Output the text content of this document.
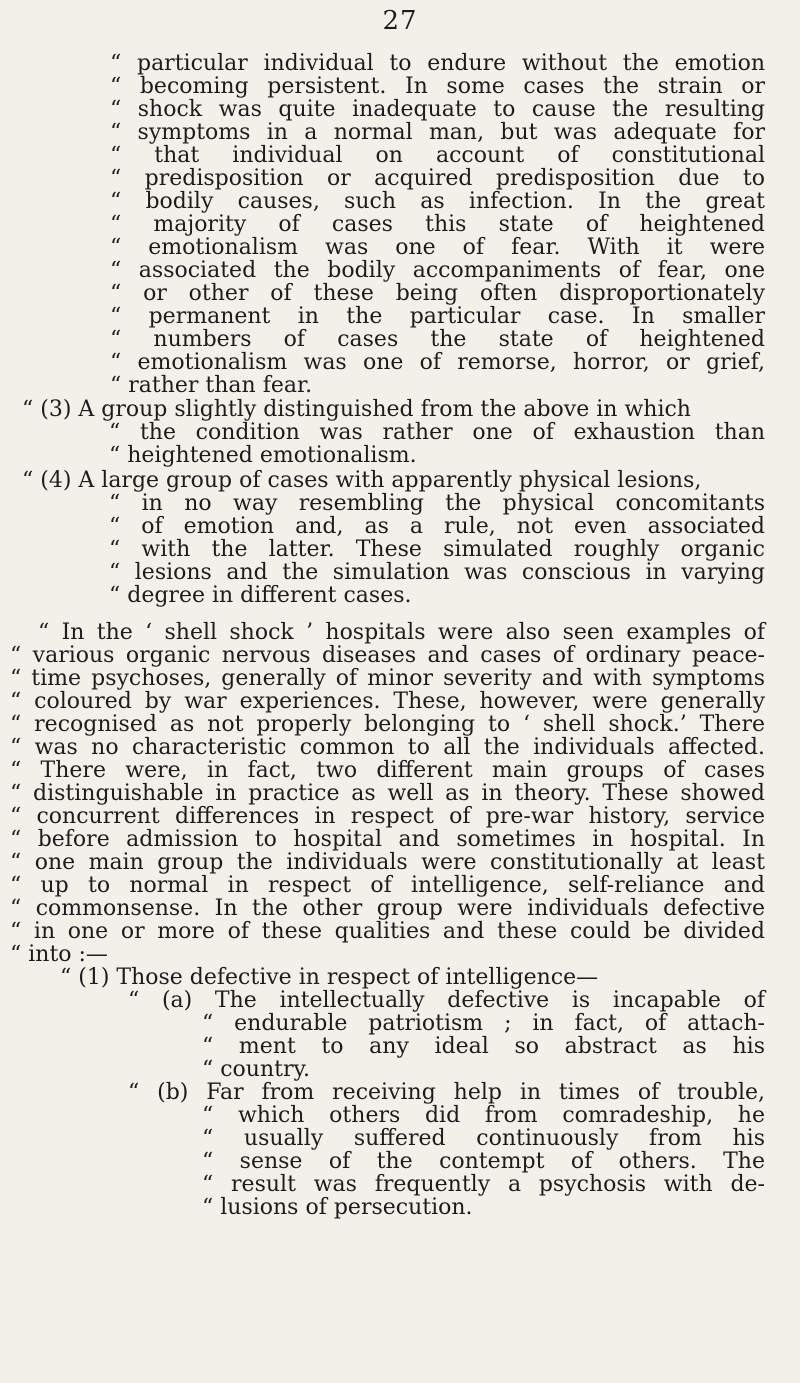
27
“ particular individual to endure without the emotion
“ becoming persistent. In some cases the strain or
“ shock was quite inadequate to cause the resulting
“ symptoms in a normal man, but was adequate for
“ that individual on account of constitutional
“ predisposition or acquired predisposition due to
“ bodily causes, such as infection. In the great
“ majority of cases this state of heightened
“ emotionalism was one of fear. With it were
“ associated the bodily accompaniments of fear, one
“ or other of these being often disproportionately
“ permanent in the particular case. In smaller
“ numbers of cases the state of heightened
“ emotionalism was one of remorse, horror, or grief,
“ rather than fear.
“ (3) A group slightly distinguished from the above in which
“ the condition was rather one of exhaustion than
“ heightened emotionalism.
“ (4) A large group of cases with apparently physical lesions,
“ in no way resembling the physical concomitants
“ of emotion and, as a rule, not even associated
“ with the latter. These simulated roughly organic
“ lesions and the simulation was conscious in varying
“ degree in different cases.
“ In the ‘ shell shock ’ hospitals were also seen examples of
“ various organic nervous diseases and cases of ordinary peace-
“ time psychoses, generally of minor severity and with symptoms
“ coloured by war experiences. These, however, were generally
“ recognised as not properly belonging to ‘ shell shock.’ There
“ was no characteristic common to all the individuals affected.
“ There were, in fact, two different main groups of cases
“ distinguishable in practice as well as in theory. These showed
“ concurrent differences in respect of pre-war history, service
“ before admission to hospital and sometimes in hospital. In
“ one main group the individuals were constitutionally at least
“ up to normal in respect of intelligence, self-reliance and
“ commonsense. In the other group were individuals defective
“ in one or more of these qualities and these could be divided
“ into :—
“ (1) Those defective in respect of intelligence—
“ (a) The intellectually defective is incapable of
“ endurable patriotism ; in fact, of attach-
“ ment to any ideal so abstract as his
“ country.
“ (b) Far from receiving help in times of trouble,
“ which others did from comradeship, he
“ usually suffered continuously from his
“ sense of the contempt of others. The
“ result was frequently a psychosis with de-
“ lusions of persecution.
